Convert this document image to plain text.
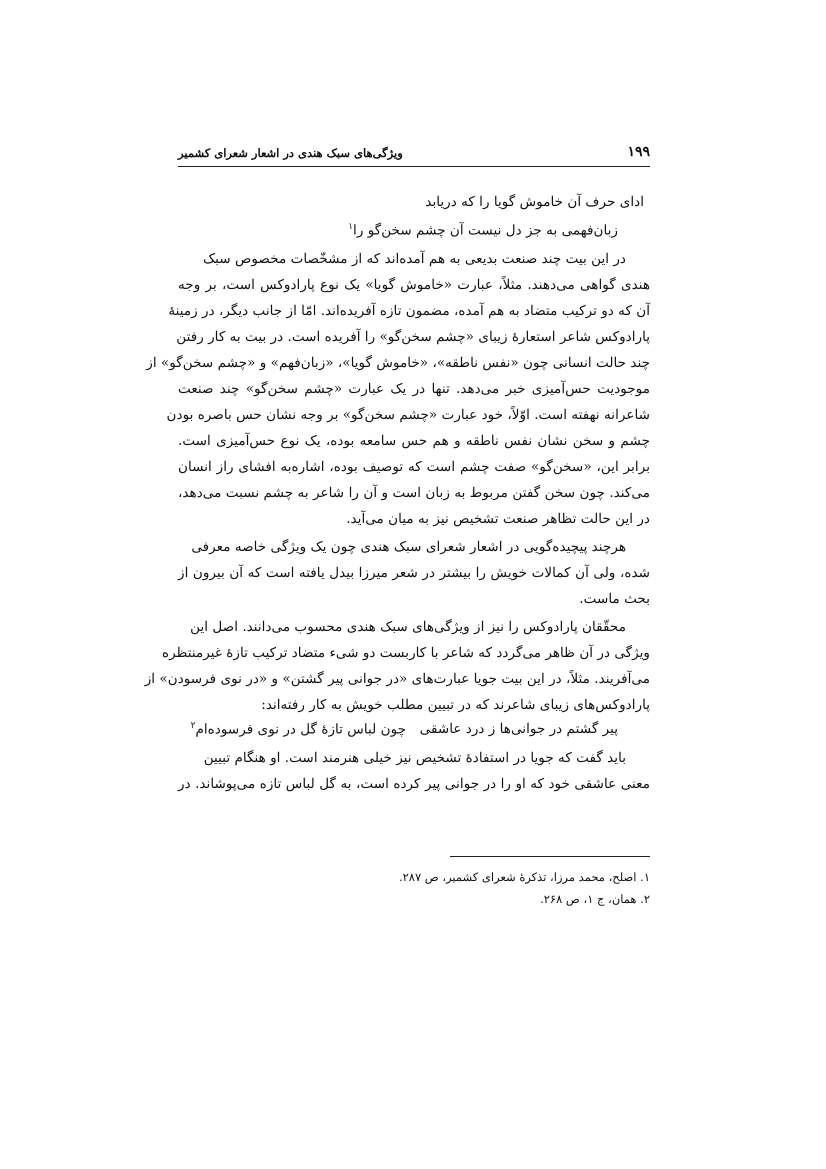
۱۹۹
ویژگی‌های سبک هندی در اشعار شعرای کشمیر
ادای حرف آن خاموش گویا را که دریابد
زبان‌فهمی به جز دل نیست آن چشم سخن‌گو را$^۱$
در این بیت چند صنعت بدیعی به هم آمده‌اند که از مشخّصات مخصوص سبک
هندی گواهی می‌دهند. مثلاً، عبارت «خاموش گویا» یک نوع پارادوکس است، بر وجه
آن که دو ترکیب متضاد به هم آمده، مضمون تازه آفریده‌اند. امّا از جانب دیگر، در زمینهٔ
پارادوکس شاعر استعارهٔ زیبای «چشم سخن‌گو» را آفریده است. در بیت به کار رفتن
چند حالت انسانی چون «نفس ناطقه»، «خاموش گویا»، «زبان‌فهم» و «چشم سخن‌گو» از
موجودیت حس‌آمیزی خبر می‌دهد. تنها در یک عبارت «چشم سخن‌گو» چند صنعت
شاعرانه نهفته است. اوّلاً، خود عبارت «چشم سخن‌گو» بر وجه نشان حس باصره بودن
چشم و سخن نشان نفس ناطقه و هم حس سامعه بوده، یک نوع حس‌آمیزی است.
برابر این، «سخن‌گو» صفت چشم است که توصیف بوده، اشاره‌به افشای راز انسان
می‌کند. چون سخن گفتن مربوط به زبان است و آن را شاعر به چشم نسبت می‌دهد،
در این حالت تظاهر صنعت تشخیص نیز به میان می‌آید.
هرچند پیچیده‌گویی در اشعار شعرای سبک هندی چون یک ویژگی خاصه معرفی
شده، ولی آن کمالات خویش را بیشتر در شعر میرزا بیدل یافته است که آن بیرون از
بحث ماست.
محقّقان پارادوکس را نیز از ویژگی‌های سبک هندی محسوب می‌دانند. اصل این
ویژگی در آن ظاهر می‌گردد که شاعر با کاربست دو شیء متضاد ترکیب تازهٔ غیرمنتظره
می‌آفریند. مثلاً، در این بیت جویا عبارت‌های «در جوانی پیر گشتن» و «در نوی فرسودن» از
پارادوکس‌های زیبای شاعرند که در تبیین مطلب خویش به کار رفته‌اند:
پیر گشتم در جوانی‌ها ز درد عاشقی
چون لباس تازهٔ گل در نوی فرسوده‌ام$^۲$
باید گفت که جویا در استفادهٔ تشخیص نیز خیلی هنرمند است. او هنگام تبیین
معنی عاشقی خود که او را در جوانی پیر کرده است، به گل لباس تازه می‌پوشاند. در
۱. اصلح، محمد مرزا، تذکرهٔ شعرای کشمیر، ص ۲۸۷.
۲. همان، ج ۱، ص ۲۶۸.
